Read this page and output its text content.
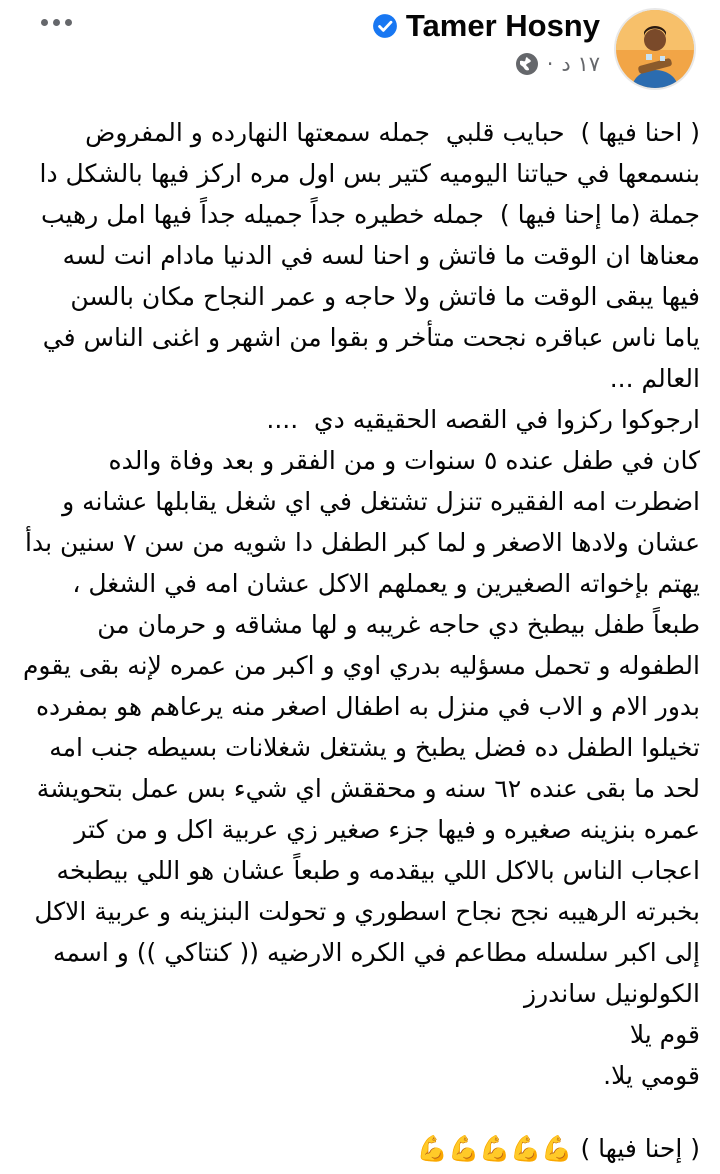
Tamer Hosny
· ١٧ د
( احنا فيها )  حبايب قلبي  جمله سمعتها النهارده و المفروض بنسمعها في حياتنا اليوميه كتير بس اول مره اركز فيها بالشكل دا  جملة (ما إحنا فيها )  جمله خطيره جداً جميله جداً فيها امل رهيب معناها ان الوقت ما فاتش و احنا لسه في الدنيا مادام انت لسه فيها يبقى الوقت ما فاتش ولا حاجه و عمر النجاح مكان بالسن  ياما ناس عباقره نجحت متأخر و بقوا من اشهر و اغنى الناس في العالم ...
ارجوكوا ركزوا في القصه الحقيقيه دي  ....
كان في طفل عنده ٥ سنوات و من الفقر و بعد وفاة والده اضطرت امه الفقيره تنزل تشتغل في اي شغل يقابلها عشانه و عشان ولادها الاصغر و لما كبر الطفل دا شويه من سن ٧ سنين بدأ يهتم بإخواته الصغيرين و يعملهم الاكل عشان امه في الشغل ، طبعاً طفل بيطبخ دي حاجه غريبه و لها مشاقه و حرمان من الطفوله و تحمل مسؤليه بدري اوي و اكبر من عمره لإنه بقى يقوم بدور الام و الاب في منزل به اطفال اصغر منه يرعاهم هو بمفرده تخيلوا الطفل ده فضل يطبخ و يشتغل شغلانات بسيطه جنب امه لحد ما بقى عنده ٦٢ سنه و محققش اي شيء بس عمل بتحويشة عمره بنزينه صغيره و فيها جزء صغير زي عربية اكل و من كتر اعجاب الناس بالاكل اللي بيقدمه و طبعاً عشان هو اللي بيطبخه بخبرته الرهيبه نجح نجاح اسطوري و تحولت البنزينه و عربية الاكل إلى اكبر سلسله مطاعم في الكره الارضيه (( كنتاكي )) و اسمه الكولونيل ساندرز
قوم يلا
قومي يلا.
( إحنا فيها ) 💪💪💪💪💪
